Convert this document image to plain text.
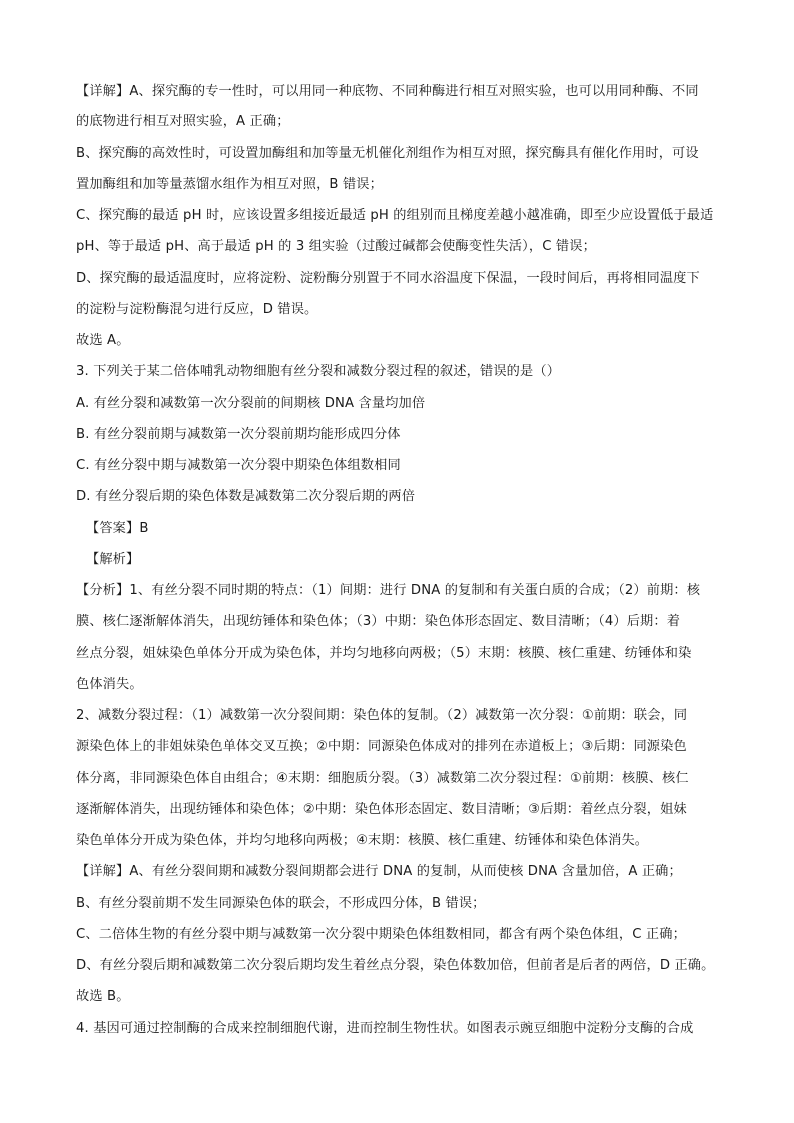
【详解】A、探究酶的专一性时，可以用同一种底物、不同种酶进行相互对照实验，也可以用同种酶、不同
的底物进行相互对照实验，A 正确；
B、探究酶的高效性时，可设置加酶组和加等量无机催化剂组作为相互对照，探究酶具有催化作用时，可设
置加酶组和加等量蒸馏水组作为相互对照，B 错误；
C、探究酶的最适 pH 时，应该设置多组接近最适 pH 的组别而且梯度差越小越准确，即至少应设置低于最适
pH、等于最适 pH、高于最适 pH 的 3 组实验（过酸过碱都会使酶变性失活），C 错误；
D、探究酶的最适温度时，应将淀粉、淀粉酶分别置于不同水浴温度下保温，一段时间后，再将相同温度下
的淀粉与淀粉酶混匀进行反应，D 错误。
故选 A。
3. 下列关于某二倍体哺乳动物细胞有丝分裂和减数分裂过程的叙述，错误的是（）
A. 有丝分裂和减数第一次分裂前的间期核 DNA 含量均加倍
B. 有丝分裂前期与减数第一次分裂前期均能形成四分体
C. 有丝分裂中期与减数第一次分裂中期染色体组数相同
D. 有丝分裂后期的染色体数是减数第二次分裂后期的两倍
【答案】B
【解析】
【分析】1、有丝分裂不同时期的特点：（1）间期：进行 DNA 的复制和有关蛋白质的合成；（2）前期：核
膜、核仁逐渐解体消失，出现纺锤体和染色体；（3）中期：染色体形态固定、数目清晰；（4）后期：着
丝点分裂，姐妹染色单体分开成为染色体，并均匀地移向两极；（5）末期：核膜、核仁重建、纺锤体和染
色体消失。
2、减数分裂过程：（1）减数第一次分裂间期：染色体的复制。（2）减数第一次分裂：①前期：联会，同
源染色体上的非姐妹染色单体交叉互换；②中期：同源染色体成对的排列在赤道板上；③后期：同源染色
体分离，非同源染色体自由组合；④末期：细胞质分裂。（3）减数第二次分裂过程：①前期：核膜、核仁
逐渐解体消失，出现纺锤体和染色体；②中期：染色体形态固定、数目清晰；③后期：着丝点分裂，姐妹
染色单体分开成为染色体，并均匀地移向两极；④末期：核膜、核仁重建、纺锤体和染色体消失。
【详解】A、有丝分裂间期和减数分裂间期都会进行 DNA 的复制，从而使核 DNA 含量加倍，A 正确；
B、有丝分裂前期不发生同源染色体的联会，不形成四分体，B 错误；
C、二倍体生物的有丝分裂中期与减数第一次分裂中期染色体组数相同，都含有两个染色体组，C 正确；
D、有丝分裂后期和减数第二次分裂后期均发生着丝点分裂，染色体数加倍，但前者是后者的两倍，D 正确。
故选 B。
4. 基因可通过控制酶的合成来控制细胞代谢，进而控制生物性状。如图表示豌豆细胞中淀粉分支酶的合成
